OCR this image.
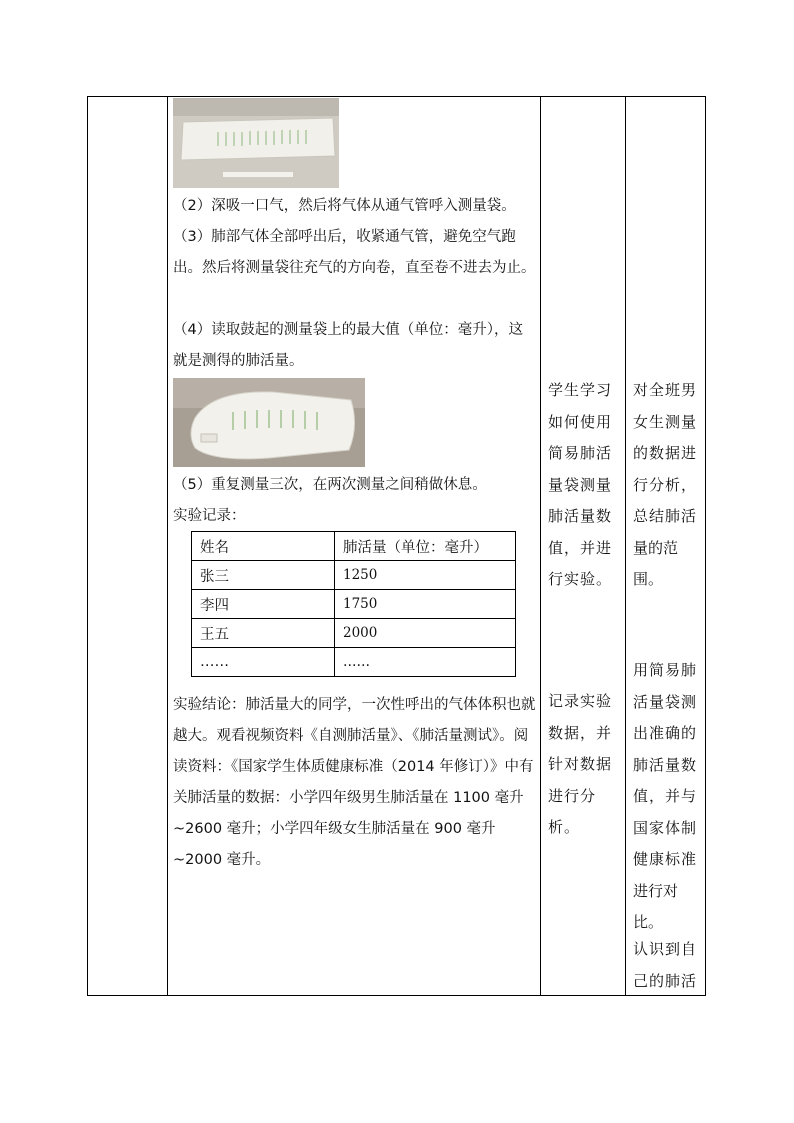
（2）深吸一口气，然后将气体从通气管呼入测量袋。
（3）肺部气体全部呼出后，收紧通气管，避免空气跑出。然后将测量袋往充气的方向卷，直至卷不进去为止。
（4）读取鼓起的测量袋上的最大值（单位：毫升），这就是测得的肺活量。
（5）重复测量三次，在两次测量之间稍做休息。
实验记录：
姓名	肺活量（单位：毫升）
张三	1250
李四	1750
王五	2000
……	……
实验结论：肺活量大的同学，一次性呼出的气体体积也就越大。观看视频资料《自测肺活量》、《肺活量测试》。阅读资料：《国家学生体质健康标准（2014 年修订）》中有关肺活量的数据：小学四年级男生肺活量在 1100 毫升~2600 毫升；小学四年级女生肺活量在 900 毫升~2000 毫升。
学生学习
如何使用
简易肺活
量袋测量
肺活量数
值，并进
行实验。
记录实验
数据，并
针对数据
进行分析。
对全班男
女生测量
的数据进
行分析，
总结肺活
量的范围。
用简易肺
活量袋测
出准确的
肺活量数
值，并与
国家体制
健康标准
进行对比。
认识到自
己的肺活
